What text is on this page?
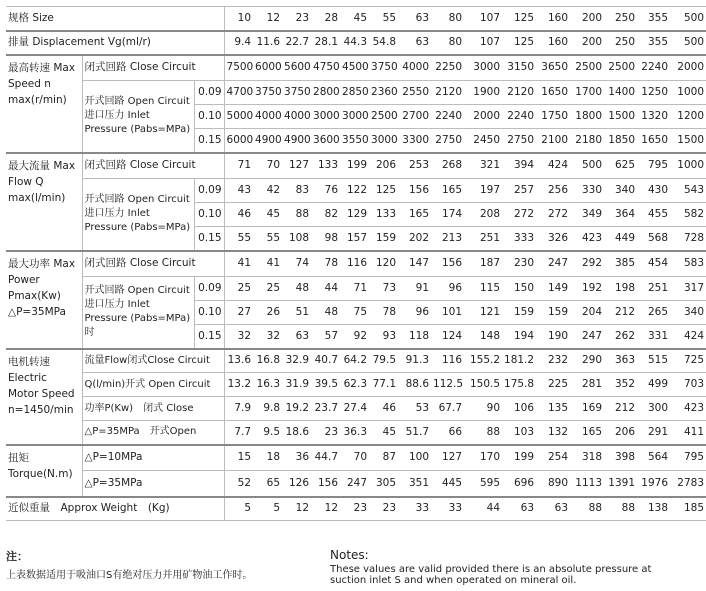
规格 Size			10	12	23	28	45	55	63	80	107	125	160	200	250	355	500
排量 Displacement Vg(ml/r)			9.4	11.6	22.7	28.1	44.3	54.8	63	80	107	125	160	200	250	355	500
最高转速 Max Speed n max(r/min)	闭式回路 Close Circuit		7500	6000	5600	4750	4500	3750	4000	2250	3000	3150	3650	2500	2500	2240	2000
	开式回路 Open Circuit 进口压力 Inlet Pressure (Pabs=MPa)	0.09	4700	3750	3750	2800	2850	2360	2550	2120	1900	2120	1650	1700	1400	1250	1000
		0.10	5000	4000	4000	3000	3000	2500	2700	2240	2000	2240	1750	1800	1500	1320	1200
		0.15	6000	4900	4900	3600	3550	3000	3300	2750	2450	2750	2100	2180	1850	1650	1500
最大流量 Max Flow Q max(l/min)	闭式回路 Close Circuit		71	70	127	133	199	206	253	268	321	394	424	500	625	795	1000
	开式回路 Open Circuit 进口压力 Inlet Pressure (Pabs=MPa)	0.09	43	42	83	76	122	125	156	165	197	257	256	330	340	430	543
		0.10	46	45	88	82	129	133	165	174	208	272	272	349	364	455	582
		0.15	55	55	108	98	157	159	202	213	251	333	326	423	449	568	728
最大功率 Max Power Pmax(Kw) △P=35MPa	闭式回路 Close Circuit		41	41	74	78	116	120	147	156	187	230	247	292	385	454	583
	开式回路 Open Circuit 进口压力 Inlet Pressure (Pabs=MPa)时	0.09	25	25	48	44	71	73	91	96	115	150	149	192	198	251	317
		0.10	27	26	51	48	75	78	96	101	121	159	159	204	212	265	340
		0.15	32	32	63	57	92	93	118	124	148	194	190	247	262	331	424
电机转速 Electric Motor Speed n=1450/min	流量Flow闭式Close Circuit		13.6	16.8	32.9	40.7	64.2	79.5	91.3	116	155.2	181.2	232	290	363	515	725
	Q(l/min)开式 Open Circuit		13.2	16.3	31.9	39.5	62.3	77.1	88.6	112.5	150.5	175.8	225	281	352	499	703
	功率P(Kw)　闭式 Close		7.9	9.8	19.2	23.7	27.4	46	53	67.7	90	106	135	169	212	300	423
	△P=35MPa　开式Open		7.7	9.5	18.6	23	36.3	45	51.7	66	88	103	132	165	206	291	411
扭矩 Torque(N.m)	△P=10MPa		15	18	36	44.7	70	87	100	127	170	199	254	318	398	564	795
	△P=35MPa		52	65	126	156	247	305	351	445	595	696	890	1113	1391	1976	2783
近似重量　Approx Weight　(Kg)			5	5	12	12	23	23	33	33	44	63	63	88	88	138	185
注：
上表数据适用于吸油口S有绝对压力并用矿物油工作时。
Notes:
These values are valid provided there is an absolute pressure at suction inlet S and when operated on mineral oil.
